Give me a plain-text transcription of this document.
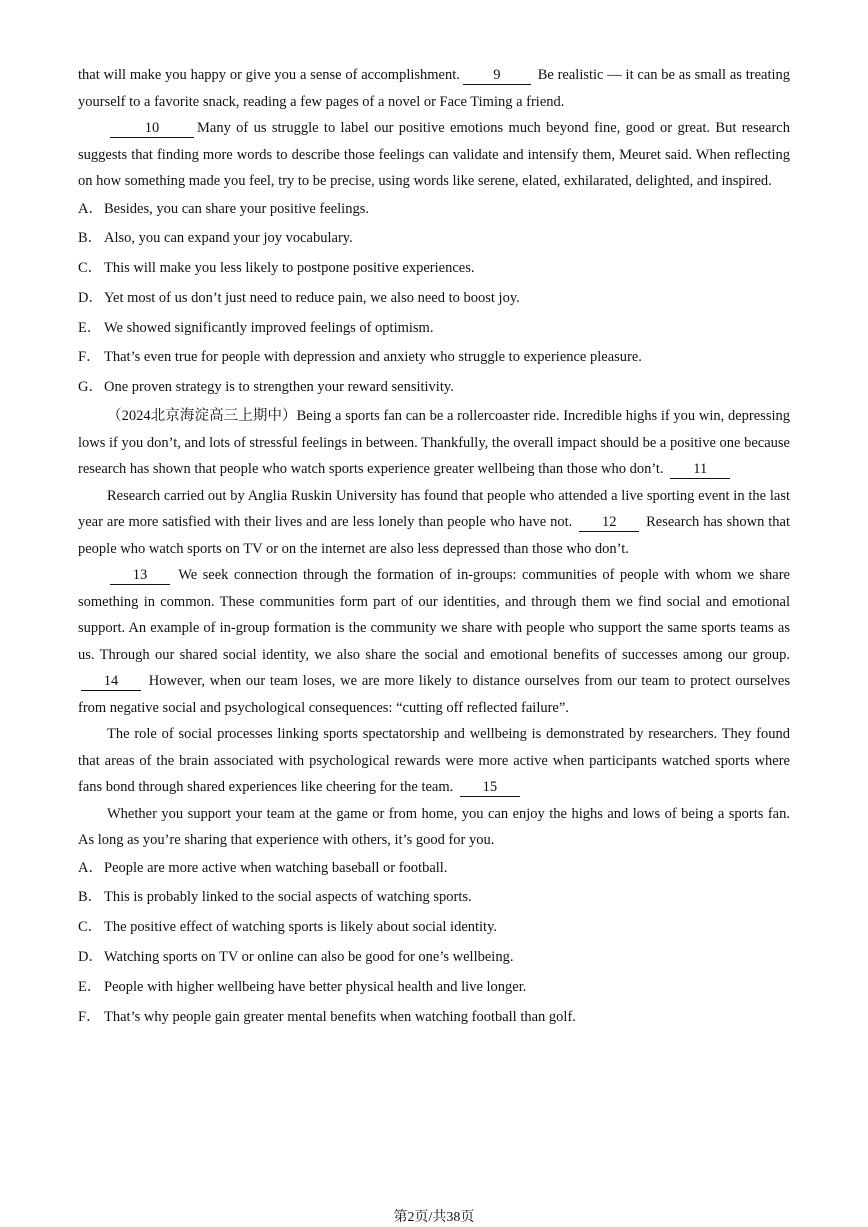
that will make you happy or give you a sense of accomplishment. 9	Be realistic — it can be as small as treating yourself to a favorite snack, reading a few pages of a novel or Face Timing a friend.

10	Many of us struggle to label our positive emotions much beyond fine, good or great. But research suggests that finding more words to describe those feelings can validate and intensify them, Meuret said. When reflecting on how something made you feel, try to be precise, using words like serene, elated, exhilarated, delighted, and inspired.

A．Besides, you can share your positive feelings.

B． Also, you can expand your joy vocabulary.

C． This will make you less likely to postpone positive experiences.

D．Yet most of us don’t just need to reduce pain, we also need to boost joy.

E． We showed significantly improved feelings of optimism.

F． That’s even true for people with depression and anxiety who struggle to experience pleasure.

G．One proven strategy is to strengthen your reward sensitivity.

（2024北京海淀高三上期中）Being a sports fan can be a rollercoaster ride. Incredible highs if you win, depressing lows if you don’t, and lots of stressful feelings in between. Thankfully, the overall impact should be a positive one because research has shown that people who watch sports experience greater wellbeing than those who don’t. 11

Research carried out by Anglia Ruskin University has found that people who attended a live sporting event in the last year are more satisfied with their lives and are less lonely than people who have not. 12 Research has shown that people who watch sports on TV or on the internet are also less depressed than those who don’t.

13 We seek connection through the formation of in-groups: communities of people with whom we share something in common. These communities form part of our identities, and through them we find social and emotional support. An example of in-group formation is the community we share with people who support the same sports teams as us. Through our shared social identity, we also share the social and emotional benefits of successes among our group. 14 However, when our team loses, we are more likely to distance ourselves from our team to protect ourselves from negative social and psychological consequences: “cutting off reflected failure”.

The role of social processes linking sports spectatorship and wellbeing is demonstrated by researchers. They found that areas of the brain associated with psychological rewards were more active when participants watched sports where fans bond through shared experiences like cheering for the team. 15

Whether you support your team at the game or from home, you can enjoy the highs and lows of being a sports fan. As long as you’re sharing that experience with others, it’s good for you.

A．People are more active when watching baseball or football.

B． This is probably linked to the social aspects of watching sports.

C． The positive effect of watching sports is likely about social identity.

D．Watching sports on TV or online can also be good for one’s wellbeing.

E． People with higher wellbeing have better physical health and live longer.

F． That’s why people gain greater mental benefits when watching football than golf.

第2页/共38页
